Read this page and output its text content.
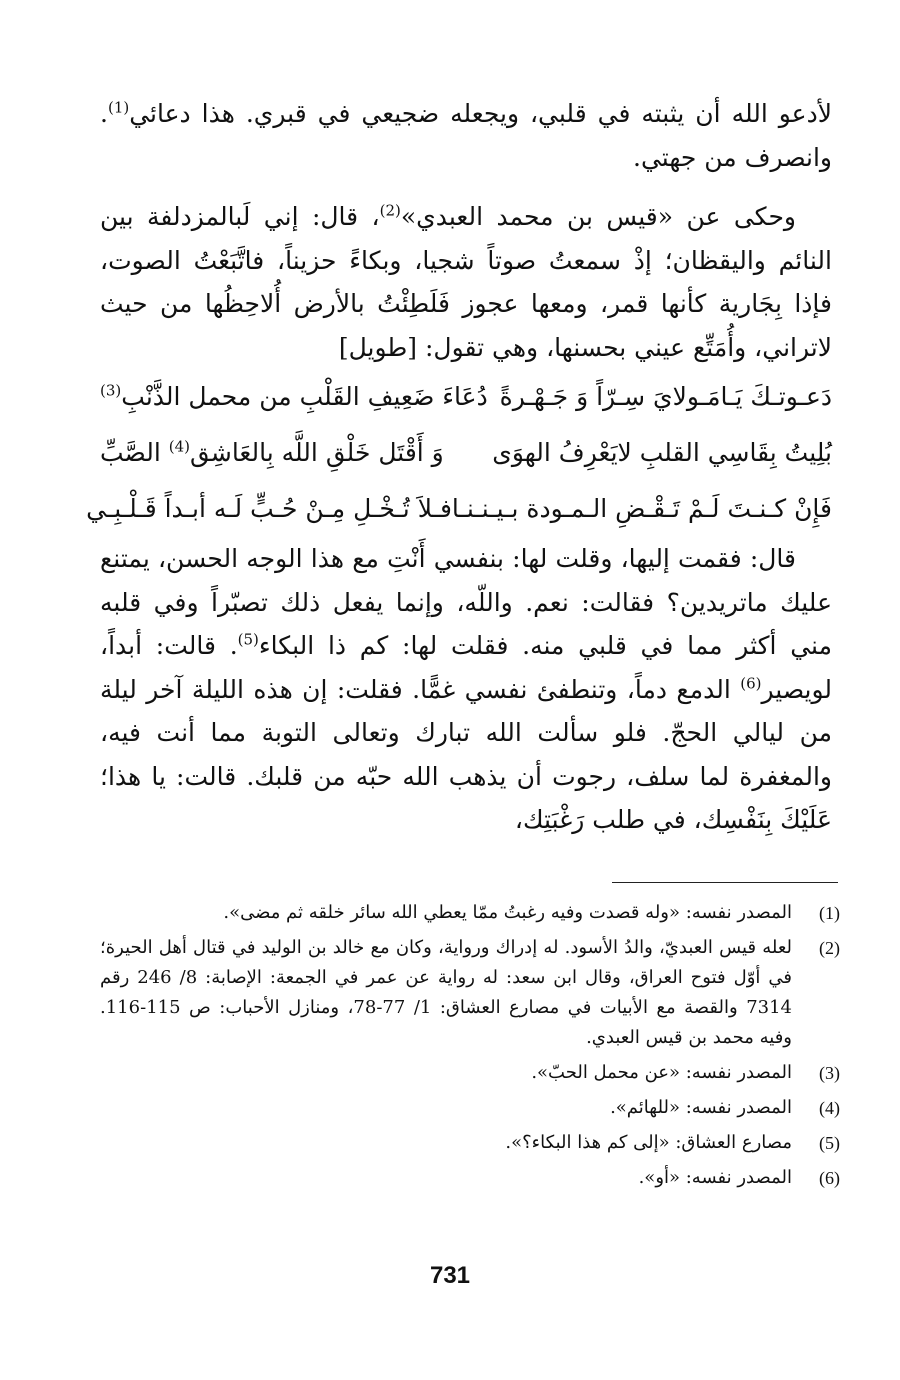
لأدعو الله أن يثبته في قلبي، ويجعله ضجيعي في قبري. هذا دعائي$^{(1)}$. وانصرف من جهتي.

وحكى عن «قيس بن محمد العبدي»$^{(2)}$، قال: إني لَبالمزدلفة بين النائم واليقظان؛ إذْ سمعتُ صوتاً شجيا، وبكاءً حزيناً، فاتَّبَعْتُ الصوت، فإذا بِجَارية كأنها قمر، ومعها عجوز فَلَطِئْتُ بالأرض أُلاحِظُها من حيث لاتراني، وأُمَتِّع عيني بحسنها، وهي تقول: [طويل]

دَعـوتـكَ يَـامَـولايَ سِـرّاً وَ جَـهْـرةً
دُعَاءَ ضَعِيفِ القَلْبِ من محمل الذَّنْبِ$^{(3)}$
بُلِيتُ بِقَاسِي القلبِ لايَعْرِفُ الهوَى
وَ أَقْتَل خَلْقِ اللَّه بِالعَاشِق$^{(4)}$ الصَّبِّ
فَإِنْ كـنـتَ لَـمْ تَـقْـضِ الـمـودة بـيـنـنـا
فـلاَ تُـخْـلِ مِـنْ حُـبٍّ لَـه أبـداً قَـلْـبِـي

قال: فقمت إليها، وقلت لها: بنفسي أَنْتِ مع هذا الوجه الحسن، يمتنع عليك ماتريدين؟ فقالت: نعم. واللّه، وإنما يفعل ذلك تصبّراً وفي قلبه مني أكثر مما في قلبي منه. فقلت لها: كم ذا البكاء$^{(5)}$. قالت: أبداً، لويصير$^{(6)}$ الدمع دماً، وتنطفئ نفسي غمًّا. فقلت: إن هذه الليلة آخر ليلة من ليالي الحجّ. فلو سألت الله تبارك وتعالى التوبة مما أنت فيه، والمغفرة لما سلف، رجوت أن يذهب الله حبّه من قلبك. قالت: يا هذا؛ عَلَيْكَ بِنَفْسِك، في طلب رَغْبَتِك،

(1)
المصدر نفسه: «وله قصدت وفيه رغبتُ ممّا يعطي الله سائر خلقه ثم مضى».
(2)
لعله قيس العبديّ، والدُ الأسود. له إدراك ورواية، وكان مع خالد بن الوليد في قتال أهل الحيرة؛ في أوّل فتوح العراق، وقال ابن سعد: له رواية عن عمر في الجمعة: الإصابة: 8/ 246 رقم 7314 والقصة مع الأبيات في مصارع العشاق: 1/ 77-78، ومنازل الأحباب: ص 115-116. وفيه محمد بن قيس العبدي.
(3)
المصدر نفسه: «عن محمل الحبّ».
(4)
المصدر نفسه: «للهائم».
(5)
مصارع العشاق: «إلى كم هذا البكاء؟».
(6)
المصدر نفسه: «أو».
731
